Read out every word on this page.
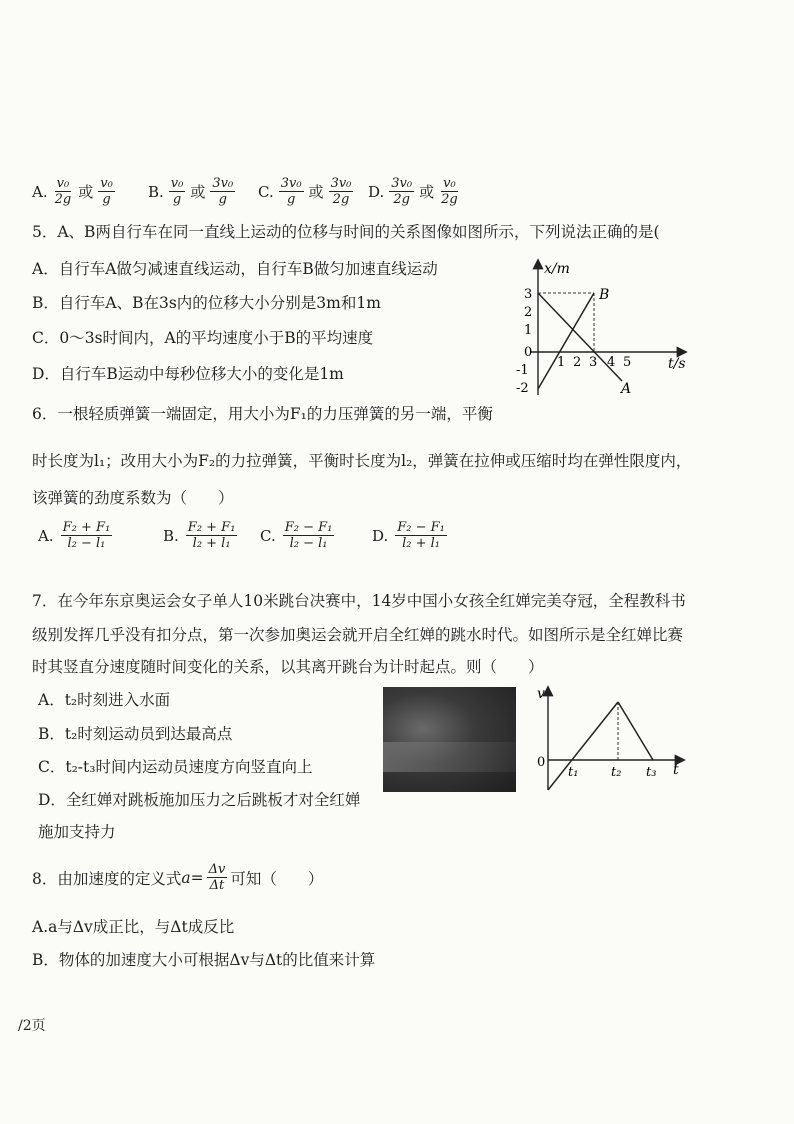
A. $\frac{\text{v₀}}{2g}$ 或 $\frac{\text{v₀}}{g} B$. $\frac{\text{v₀}}{g}$ 或 $\frac{\text{3v₀}}{g} C$. $\frac{\text{3v₀}}{g}$ 或 $\frac{\text{3v₀}}{2g} D$. $\frac{\text{3v₀}}{2g}$ 或 $\frac{\text{v₀}}{2g}$
5．A、B两自行车在同一直线上运动的位移与时间的关系图像如图所示，下列说法正确的是(
A．自行车A做匀减速直线运动，自行车B做匀加速直线运动
B．自行车A、B在3s内的位移大小分别是3m和1m
C．0～3s时间内，A的平均速度小于B的平均速度
D．自行车B运动中每秒位移大小的变化是1m
x/m
t/s
3
2
1
0
-1
-2
1 2 3 4 5
B
A
6．一根轻质弹簧一端固定，用大小为F₁的力压弹簧的另一端，平衡
时长度为l₁；改用大小为F₂的力拉弹簧，平衡时长度为l₂，弹簧在拉伸或压缩时均在弹性限度内，
该弹簧的劲度系数为（　　）
A. $\frac{\text{F₂ + F₁}}{\text{l₂ − l₁}}$	B. $\frac{\text{F₂ + F₁}}{\text{l₂ + l₁}} C$. $\frac{\text{F₂ − F₁}}{\text{l₂ − l₁}}$	D. $\frac{\text{F₂ − F₁}}{\text{l₂ + l₁}}$
7．在今年东京奥运会女子单人10米跳台决赛中，14岁中国小女孩全红婵完美夺冠，全程教科书
级别发挥几乎没有扣分点，第一次参加奥运会就开启全红婵的跳水时代。如图所示是全红婵比赛
时其竖直分速度随时间变化的关系，以其离开跳台为计时起点。则（　　）
A．t₂时刻进入水面
B．t₂时刻运动员到达最高点
C．t₂-t₃时间内运动员速度方向竖直向上
D．全红婵对跳板施加压力之后跳板才对全红婵
施加支持力
v
0	t
t₁	t₂ t₃
8．由加速度的定义式 $a= \frac{\Delta v}{\Delta t}$ 可知（　　）
A.a与Δv成正比，与Δt成反比
B．物体的加速度大小可根据Δv与Δt的比值来计算
/2页
